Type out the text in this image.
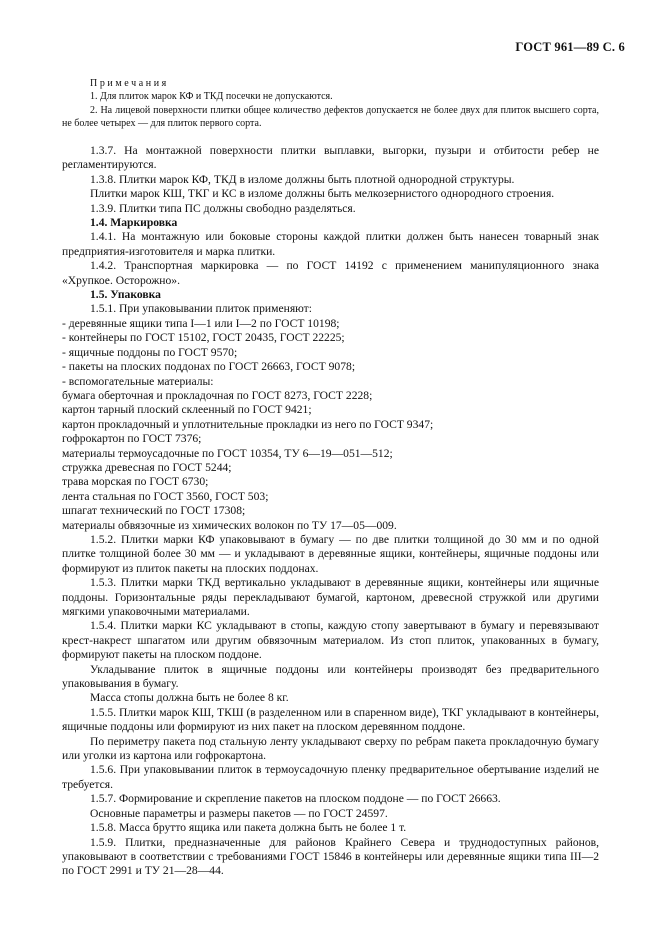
ГОСТ 961—89 С. 6
Примечания
1. Для плиток марок КФ и ТКД посечки не допускаются.
2. На лицевой поверхности плитки общее количество дефектов допускается не более двух для плиток высшего сорта, не более четырех — для плиток первого сорта.

1.3.7. На монтажной поверхности плитки выплавки, выгорки, пузыри и отбитости ребер не регламентируются.

1.3.8. Плитки марок КФ, ТКД в изломе должны быть плотной однородной структуры.

Плитки марок КШ, ТКГ и КС в изломе должны быть мелкозернистого однородного строения.

1.3.9. Плитки типа ПС должны свободно разделяться.

1.4. Маркировка

1.4.1. На монтажную или боковые стороны каждой плитки должен быть нанесен товарный знак предприятия-изготовителя и марка плитки.

1.4.2. Транспортная маркировка — по ГОСТ 14192 с применением манипуляционного знака «Хрупкое. Осторожно».

1.5. Упаковка

1.5.1. При упаковывании плиток применяют:

- деревянные ящики типа I—1 или I—2 по ГОСТ 10198;

- контейнеры по ГОСТ 15102, ГОСТ 20435, ГОСТ 22225;

- ящичные поддоны по ГОСТ 9570;

- пакеты на плоских поддонах по ГОСТ 26663, ГОСТ 9078;

- вспомогательные материалы:

бумага оберточная и прокладочная по ГОСТ 8273, ГОСТ 2228;

картон тарный плоский склеенный по ГОСТ 9421;

картон прокладочный и уплотнительные прокладки из него по ГОСТ 9347;

гофрокартон по ГОСТ 7376;

материалы термоусадочные по ГОСТ 10354, ТУ 6—19—051—512;

стружка древесная по ГОСТ 5244;

трава морская по ГОСТ 6730;

лента стальная по ГОСТ 3560, ГОСТ 503;

шпагат технический по ГОСТ 17308;

материалы обвязочные из химических волокон по ТУ 17—05—009.

1.5.2. Плитки марки КФ упаковывают в бумагу — по две плитки толщиной до 30 мм и по одной плитке толщиной более 30 мм — и укладывают в деревянные ящики, контейнеры, ящичные поддоны или формируют из плиток пакеты на плоских поддонах.

1.5.3. Плитки марки ТКД вертикально укладывают в деревянные ящики, контейнеры или ящичные поддоны. Горизонтальные ряды перекладывают бумагой, картоном, древесной стружкой или другими мягкими упаковочными материалами.

1.5.4. Плитки марки КС укладывают в стопы, каждую стопу завертывают в бумагу и перевязывают крест-накрест шпагатом или другим обвязочным материалом. Из стоп плиток, упакованных в бумагу, формируют пакеты на плоском поддоне.

Укладывание плиток в ящичные поддоны или контейнеры производят без предварительного упаковывания в бумагу.

Масса стопы должна быть не более 8 кг.

1.5.5. Плитки марок КШ, ТКШ (в разделенном или в спаренном виде), ТКГ укладывают в контейнеры, ящичные поддоны или формируют из них пакет на плоском деревянном поддоне.

По периметру пакета под стальную ленту укладывают сверху по ребрам пакета прокладочную бумагу или уголки из картона или гофрокартона.

1.5.6. При упаковывании плиток в термоусадочную пленку предварительное обертывание изделий не требуется.

1.5.7. Формирование и скрепление пакетов на плоском поддоне — по ГОСТ 26663.

Основные параметры и размеры пакетов — по ГОСТ 24597.

1.5.8. Масса брутто ящика или пакета должна быть не более 1 т.

1.5.9. Плитки, предназначенные для районов Крайнего Севера и труднодоступных районов, упаковывают в соответствии с требованиями ГОСТ 15846 в контейнеры или деревянные ящики типа III—2 по ГОСТ 2991 и ТУ 21—28—44.
